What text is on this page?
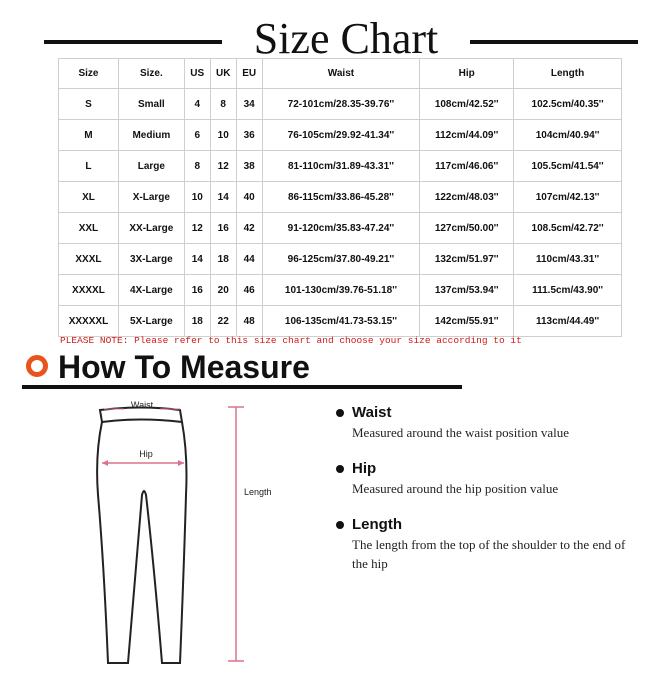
Size Chart
Size	Size.	US	UK	EU	Waist	Hip	Length
S	Small	4	8	34	72-101cm/28.35-39.76''	108cm/42.52''	102.5cm/40.35''
M	Medium	6	10	36	76-105cm/29.92-41.34''	112cm/44.09''	104cm/40.94''
L	Large	8	12	38	81-110cm/31.89-43.31''	117cm/46.06''	105.5cm/41.54''
XL	X-Large	10	14	40	86-115cm/33.86-45.28''	122cm/48.03''	107cm/42.13''
XXL	XX-Large	12	16	42	91-120cm/35.83-47.24''	127cm/50.00''	108.5cm/42.72''
XXXL	3X-Large	14	18	44	96-125cm/37.80-49.21''	132cm/51.97''	110cm/43.31''
XXXXL	4X-Large	16	20	46	101-130cm/39.76-51.18''	137cm/53.94''	111.5cm/43.90''
XXXXXL	5X-Large	18	22	48	106-135cm/41.73-53.15''	142cm/55.91''	113cm/44.49''
PLEASE NOTE: Please refer to this size chart and choose your size according to it
How To Measure
Waist
Hip
Length
Waist
Measured around the waist position value
Hip
Measured around the hip position value
Length
The length from the top of the shoulder to the end of the hip
